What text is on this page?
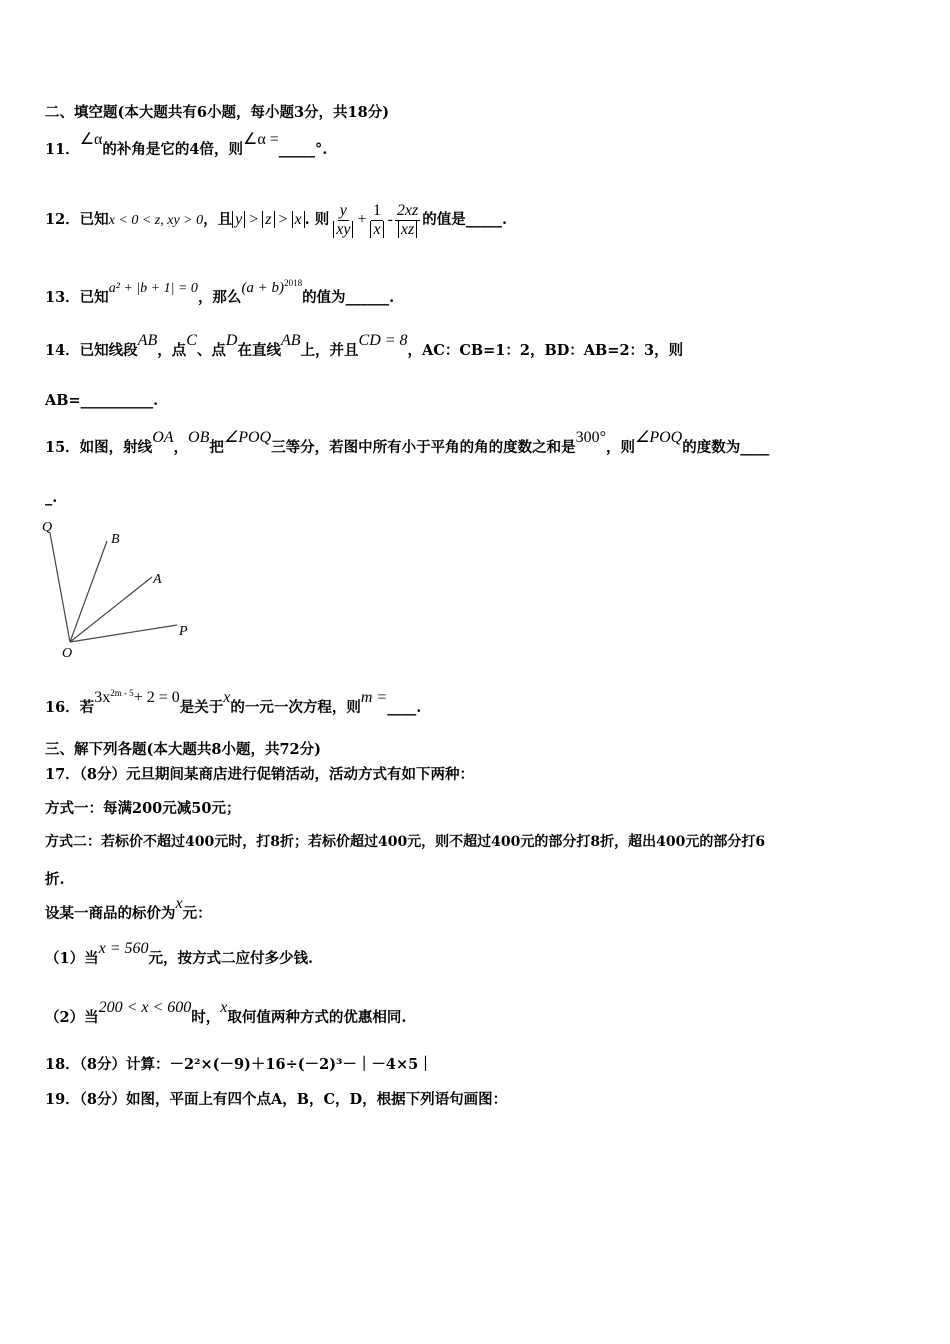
二、填空题(本大题共有6小题，每小题3分，共18分)
11．∠α的补角是它的4倍，则∠α =_____°.
12．已知x < 0 < z, xy > 0，且 y > z > x . 则 $\frac{y}{xy} + \frac{1}{x} - \frac{2xz}{xz}$ 的值是_____.
13．已知a² + |b + 1| = 0，那么$(a + b)^{2018}$的值为______.
14．已知线段AB，点C、点D在直线AB上，并且CD = 8，AC：CB=1：2，BD：AB=2：3，则
AB=__________.
15．如图，射线OA，OB把∠POQ三等分，若图中所有小于平角的角的度数之和是300°，则∠POQ的度数为____
_.
Q
B
A
P
O
16．若$3x^{2m - 5}+ 2 = 0$是关于x的一元一次方程，则m =____.
三、解下列各题(本大题共8小题，共72分)
17．（8分）元旦期间某商店进行促销活动，活动方式有如下两种：
方式一：每满200元减50元；
方式二：若标价不超过400元时，打8折；若标价超过400元，则不超过400元的部分打8折，超出400元的部分打6
折.
设某一商品的标价为x元：
（1）当x = 560元，按方式二应付多少钱.
（2）当200 < x < 600时，x取何值两种方式的优惠相同.
18．（8分）计算：－2²×(－9)＋16÷(－2)³－｜－4×5｜
19．（8分）如图，平面上有四个点A，B，C，D，根据下列语句画图：
